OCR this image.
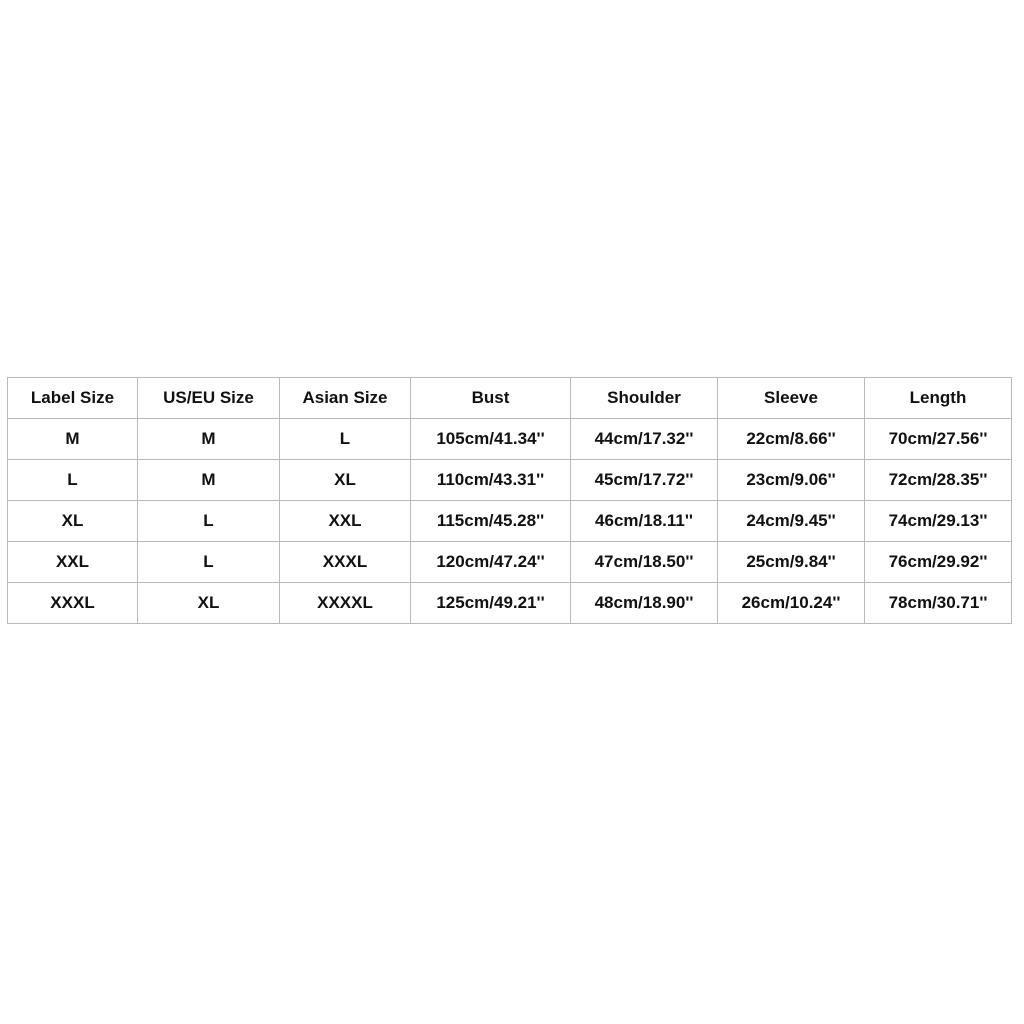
Label Size	US/EU Size	Asian Size	Bust	Shoulder	Sleeve	Length
M	M	L	105cm/41.34''	44cm/17.32''	22cm/8.66''	70cm/27.56''
L	M	XL	110cm/43.31''	45cm/17.72''	23cm/9.06''	72cm/28.35''
XL	L	XXL	115cm/45.28''	46cm/18.11''	24cm/9.45''	74cm/29.13''
XXL	L	XXXL	120cm/47.24''	47cm/18.50''	25cm/9.84''	76cm/29.92''
XXXL	XL	XXXXL	125cm/49.21''	48cm/18.90''	26cm/10.24''	78cm/30.71''
